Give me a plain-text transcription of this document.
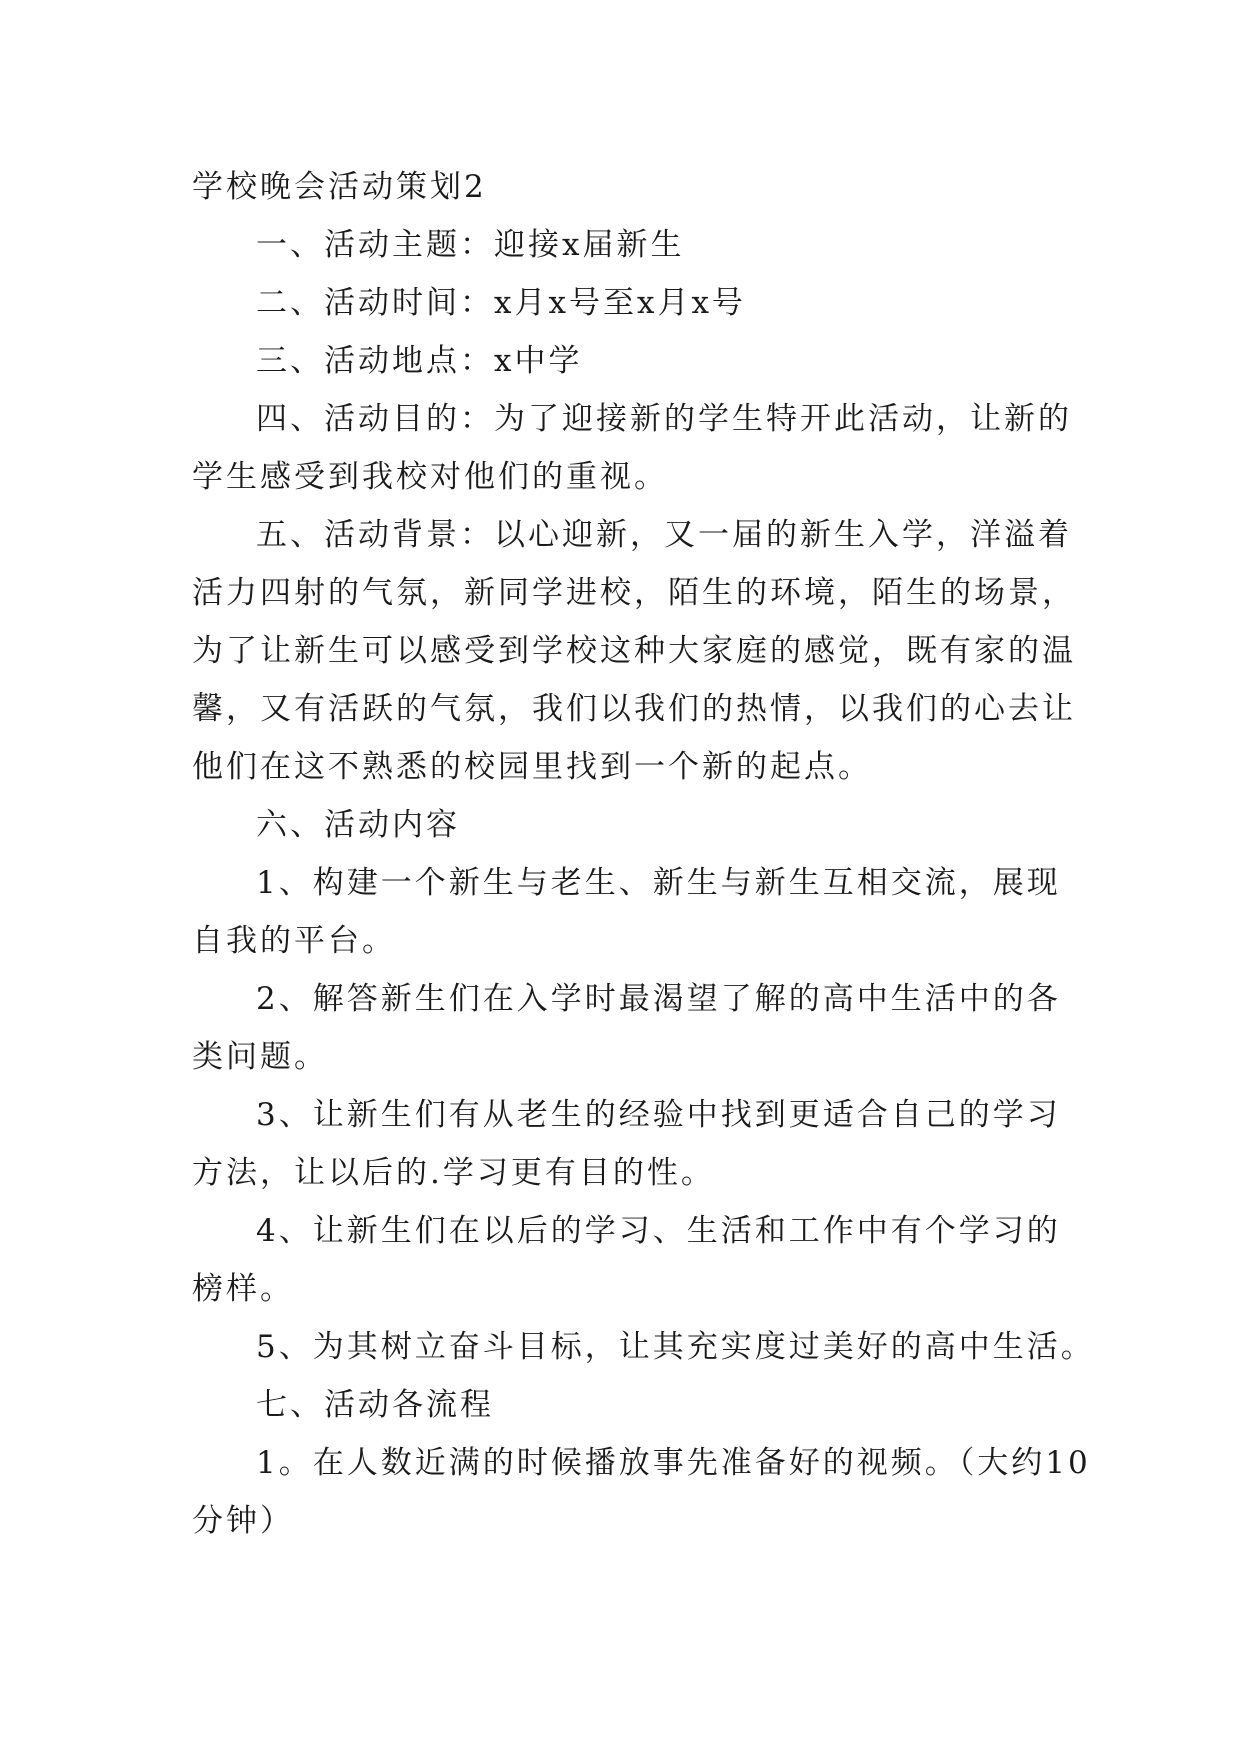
学校晚会活动策划2
一、活动主题：迎接x届新生
二、活动时间：x月x号至x月x号
三、活动地点：x中学
四、活动目的：为了迎接新的学生特开此活动，让新的
学生感受到我校对他们的重视。
五、活动背景：以心迎新，又一届的新生入学，洋溢着
活力四射的气氛，新同学进校，陌生的环境，陌生的场景，
为了让新生可以感受到学校这种大家庭的感觉，既有家的温
馨，又有活跃的气氛，我们以我们的热情，以我们的心去让
他们在这不熟悉的校园里找到一个新的起点。
六、活动内容
1、构建一个新生与老生、新生与新生互相交流，展现
自我的平台。
2、解答新生们在入学时最渴望了解的高中生活中的各
类问题。
3、让新生们有从老生的经验中找到更适合自己的学习
方法，让以后的.学习更有目的性。
4、让新生们在以后的学习、生活和工作中有个学习的
榜样。
5、为其树立奋斗目标，让其充实度过美好的高中生活。
七、活动各流程
1。在人数近满的时候播放事先准备好的视频。（大约10
分钟）
